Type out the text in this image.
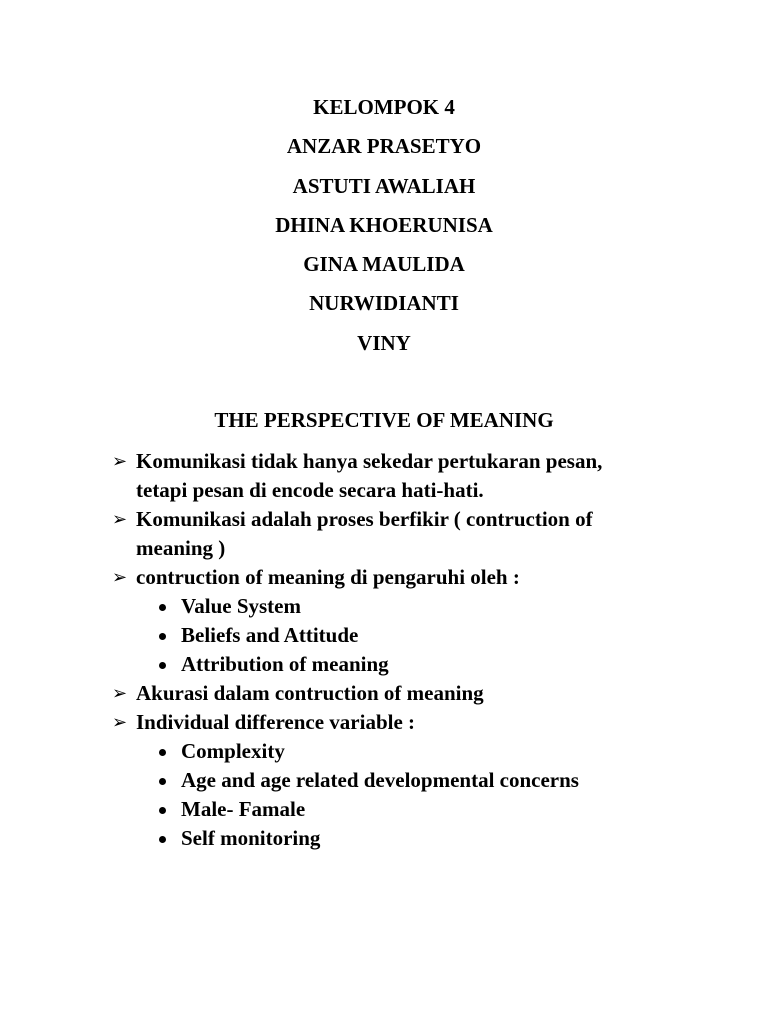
KELOMPOK 4
ANZAR PRASETYO
ASTUTI AWALIAH
DHINA KHOERUNISA
GINA MAULIDA
NURWIDIANTI
VINY
THE PERSPECTIVE OF MEANING
➢ Komunikasi tidak hanya sekedar pertukaran pesan,
tetapi pesan di encode secara hati-hati.
➢ Komunikasi adalah proses berfikir ( contruction of
meaning )
➢ contruction of meaning di pengaruhi oleh :
Value System
Beliefs and Attitude
Attribution of meaning
➢ Akurasi dalam contruction of meaning
➢ Individual difference variable :
Complexity
Age and age related developmental concerns
Male- Famale
Self monitoring
